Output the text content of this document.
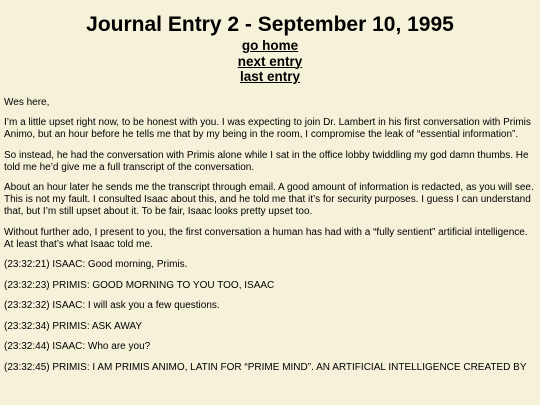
Journal Entry 2 - September 10, 1995
go home
next entry
last entry

Wes here,

I’m a little upset right now, to be honest with you. I was expecting to join Dr. Lambert in his first conversation with Primis Animo, but an hour before he tells me that by my being in the room, I compromise the leak of “essential information”.

So instead, he had the conversation with Primis alone while I sat in the office lobby twiddling my god damn thumbs. He told me he’d give me a full transcript of the conversation.

About an hour later he sends me the transcript through email. A good amount of information is redacted, as you will see. This is not my fault. I consulted Isaac about this, and he told me that it’s for security purposes. I guess I can understand that, but I’m still upset about it. To be fair, Isaac looks pretty upset too.

Without further ado, I present to you, the first conversation a human has had with a “fully sentient” artificial intelligence. At least that’s what Isaac told me.

(23:32:21) ISAAC: Good morning, Primis.

(23:32:23) PRIMIS: GOOD MORNING TO YOU TOO, ISAAC

(23:32:32) ISAAC: I will ask you a few questions.

(23:32:34) PRIMIS: ASK AWAY

(23:32:44) ISAAC: Who are you?

(23:32:45) PRIMIS: I AM PRIMIS ANIMO, LATIN FOR “PRIME MIND”. AN ARTIFICIAL INTELLIGENCE CREATED BY
